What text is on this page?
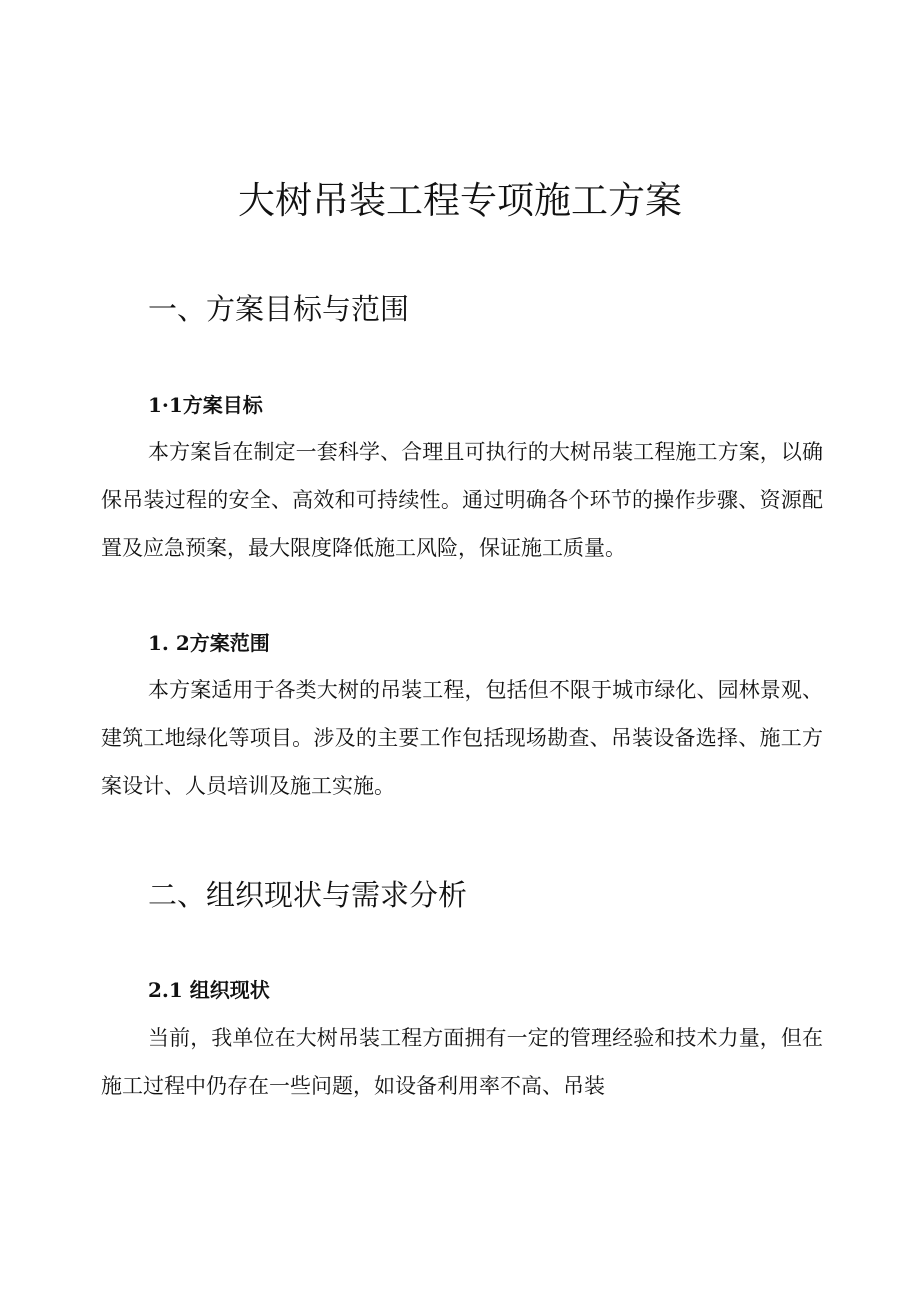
大树吊装工程专项施工方案
一、方案目标与范围
1·1方案目标

本方案旨在制定一套科学、合理且可执行的大树吊装工程施工方案，以确保吊装过程的安全、高效和可持续性。通过明确各个环节的操作步骤、资源配置及应急预案，最大限度降低施工风险，保证施工质量。

1. 2方案范围

本方案适用于各类大树的吊装工程，包括但不限于城市绿化、园林景观、建筑工地绿化等项目。涉及的主要工作包括现场勘查、吊装设备选择、施工方案设计、人员培训及施工实施。

二、组织现状与需求分析
2.1 组织现状

当前，我单位在大树吊装工程方面拥有一定的管理经验和技术力量，但在施工过程中仍存在一些问题，如设备利用率不高、吊装
